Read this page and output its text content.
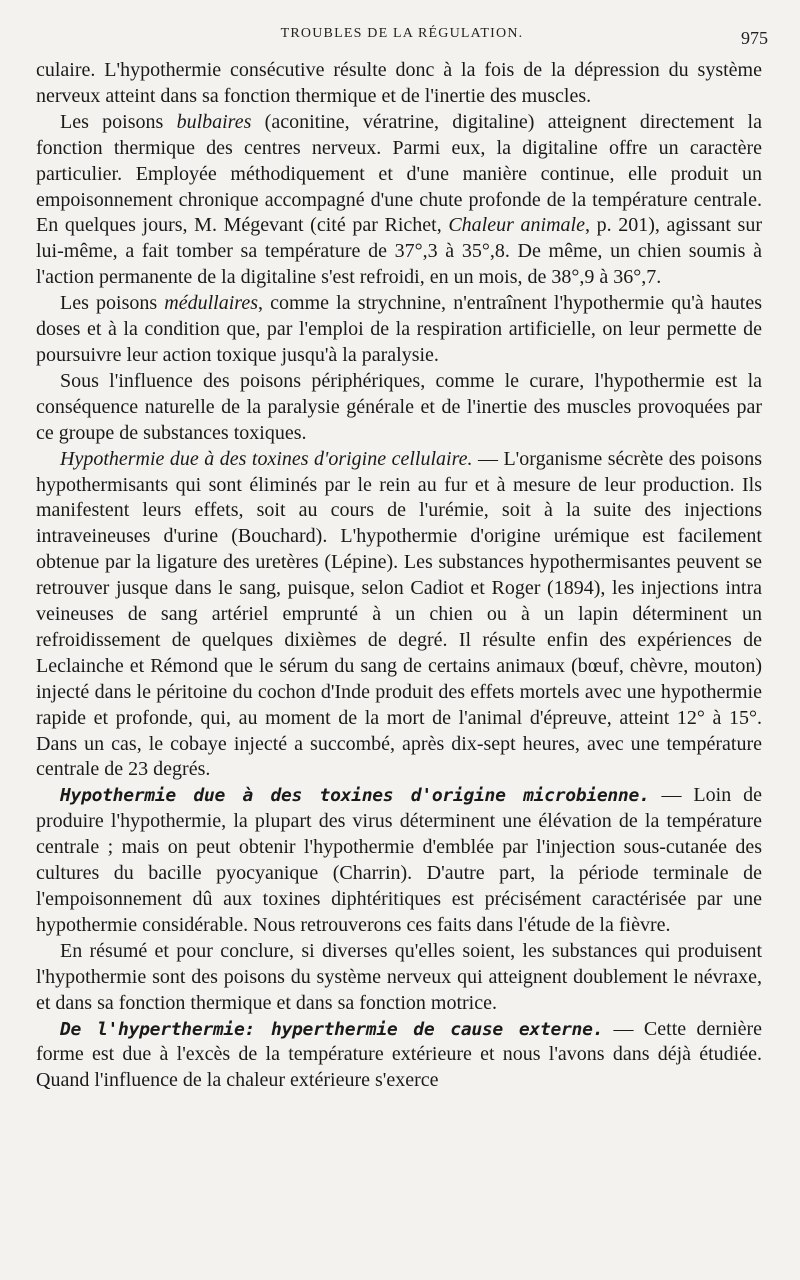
TROUBLES DE LA RÉGULATION.	975

culaire. L'hypothermie consécutive résulte donc à la fois de la dépression du système nerveux atteint dans sa fonction thermique et de l'inertie des muscles.

Les poisons bulbaires (aconitine, vératrine, digitaline) atteignent directement la fonction thermique des centres nerveux. Parmi eux, la digitaline offre un caractère particulier. Employée méthodiquement et d'une manière continue, elle produit un empoisonnement chronique accompagné d'une chute profonde de la température centrale. En quelques jours, M. Mégevant (cité par Richet, Chaleur animale, p. 201), agissant sur lui-même, a fait tomber sa température de 37°,3 à 35°,8. De même, un chien soumis à l'action permanente de la digitaline s'est refroidi, en un mois, de 38°,9 à 36°,7.

Les poisons médullaires, comme la strychnine, n'entraînent l'hypothermie qu'à hautes doses et à la condition que, par l'emploi de la respiration artificielle, on leur permette de poursuivre leur action toxique jusqu'à la paralysie.

Sous l'influence des poisons périphériques, comme le curare, l'hypothermie est la conséquence naturelle de la paralysie générale et de l'inertie des muscles provoquées par ce groupe de substances toxiques.

Hypothermie due à des toxines d'origine cellulaire. — L'organisme sécrète des poisons hypothermisants qui sont éliminés par le rein au fur et à mesure de leur production. Ils manifestent leurs effets, soit au cours de l'urémie, soit à la suite des injections intraveineuses d'urine (Bouchard). L'hypothermie d'origine urémique est facilement obtenue par la ligature des uretères (Lépine). Les substances hypothermisantes peuvent se retrouver jusque dans le sang, puisque, selon Cadiot et Roger (1894), les injections intra veineuses de sang artériel emprunté à un chien ou à un lapin déterminent un refroidissement de quelques dixièmes de degré. Il résulte enfin des expériences de Leclainche et Rémond que le sérum du sang de certains animaux (bœuf, chèvre, mouton) injecté dans le péritoine du cochon d'Inde produit des effets mortels avec une hypothermie rapide et profonde, qui, au moment de la mort de l'animal d'épreuve, atteint 12° à 15°. Dans un cas, le cobaye injecté a succombé, après dix-sept heures, avec une température centrale de 23 degrés.

Hypothermie due à des toxines d'origine microbienne. — Loin de produire l'hypothermie, la plupart des virus déterminent une élévation de la température centrale ; mais on peut obtenir l'hypothermie d'emblée par l'injection sous-cutanée des cultures du bacille pyocyanique (Charrin). D'autre part, la période terminale de l'empoisonnement dû aux toxines diphtéritiques est précisément caractérisée par une hypothermie considérable. Nous retrouverons ces faits dans l'étude de la fièvre.

En résumé et pour conclure, si diverses qu'elles soient, les substances qui produisent l'hypothermie sont des poisons du système nerveux qui atteignent doublement le névraxe, et dans sa fonction thermique et dans sa fonction motrice.

De l'hyperthermie: hyperthermie de cause externe. — Cette dernière forme est due à l'excès de la température extérieure et nous l'avons dans déjà étudiée. Quand l'influence de la chaleur extérieure s'exerce
